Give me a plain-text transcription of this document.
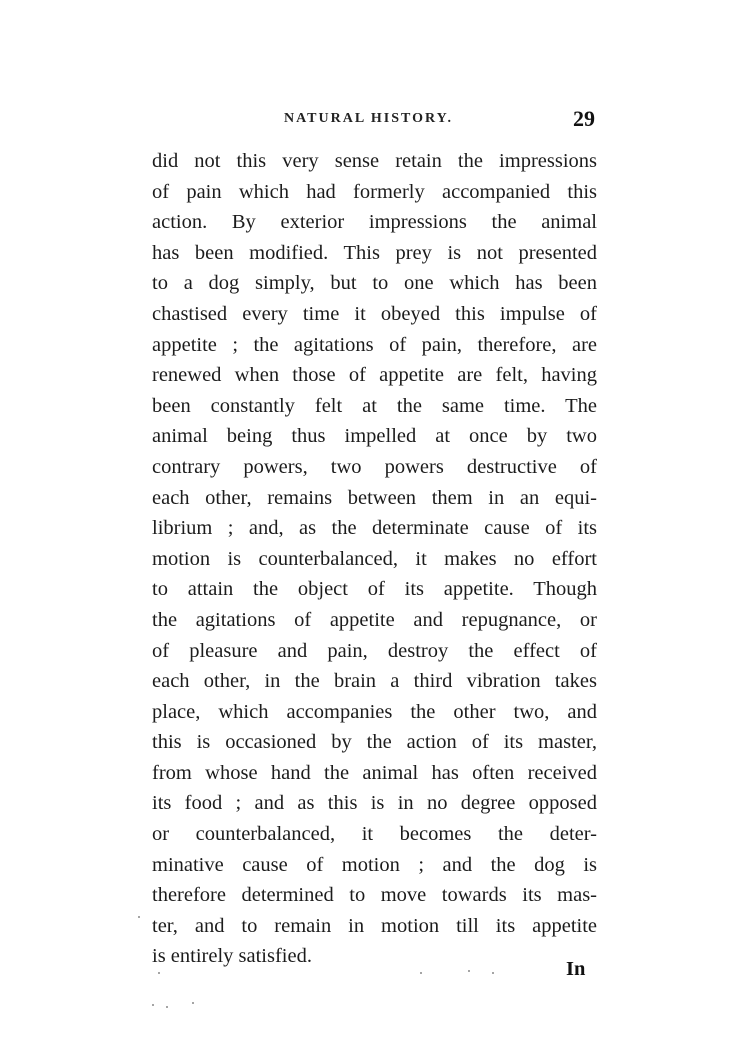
NATURAL HISTORY.	29
did not this very sense retain the impressions
of pain which had formerly accompanied this
action. By exterior impressions the animal
has been modified. This prey is not presented
to a dog simply, but to one which has been
chastised every time it obeyed this impulse of
appetite ; the agitations of pain, therefore, are
renewed when those of appetite are felt, having
been constantly felt at the same time. The
animal being thus impelled at once by two
contrary powers, two powers destructive of
each other, remains between them in an equi-
librium ; and, as the determinate cause of its
motion is counterbalanced, it makes no effort
to attain the object of its appetite. Though
the agitations of appetite and repugnance, or
of pleasure and pain, destroy the effect of
each other, in the brain a third vibration takes
place, which accompanies the other two, and
this is occasioned by the action of its master,
from whose hand the animal has often received
its food ; and as this is in no degree opposed
or counterbalanced, it becomes the deter-
minative cause of motion ; and the dog is
therefore determined to move towards its mas-
ter, and to remain in motion till its appetite
is entirely satisfied.
In
